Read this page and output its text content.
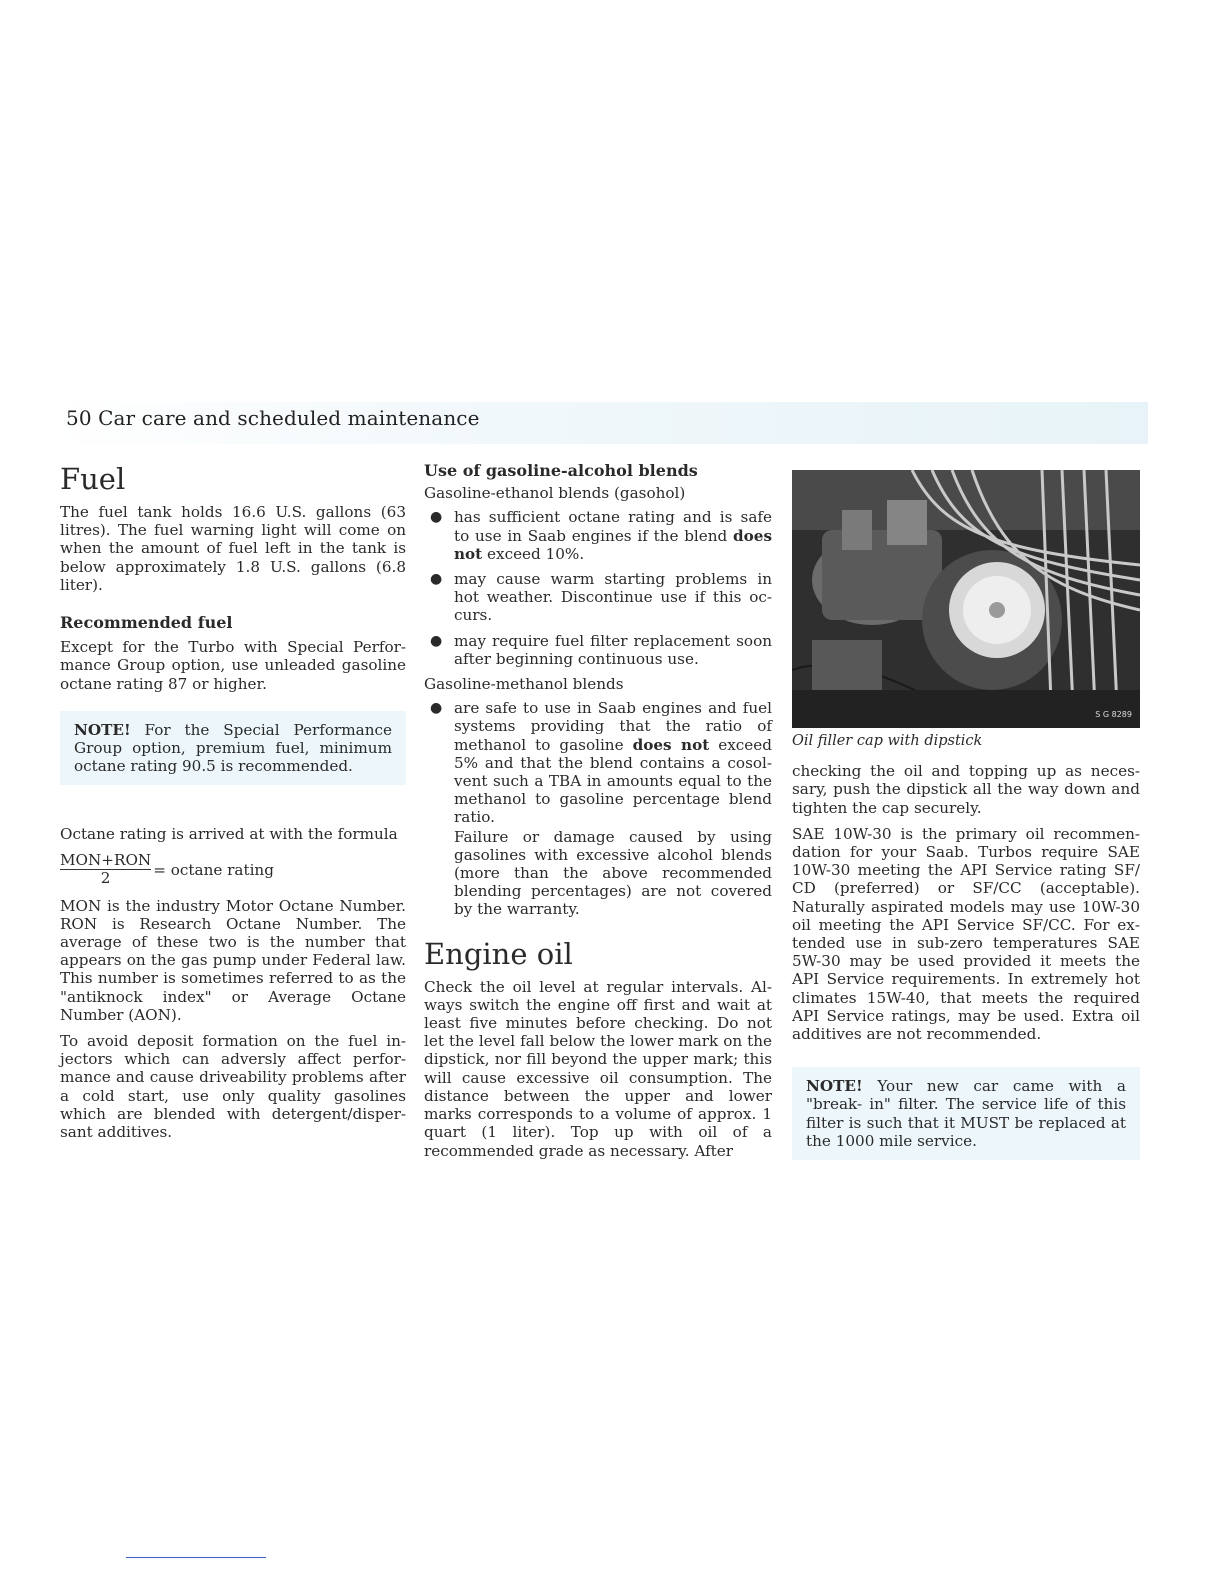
50 Car care and scheduled maintenance
Fuel

The fuel tank holds 16.6 U.S. gallons (63 litres). The fuel warning light will come on when the amount of fuel left in the tank is below approximately 1.8 U.S. gallons (6.8 liter).

Recommended fuel

Except for the Turbo with Special Performance Group option, use unleaded gasoline octane rating 87 or higher.

NOTE! For the Special Performance Group option, premium fuel, minimum octane rating 90.5 is recommended.

Octane rating is arrived at with the formula

$\frac{\text{MON+RON}}{2} = octane$ rating

MON is the industry Motor Octane Number. RON is Research Octane Number. The average of these two is the number that appears on the gas pump under Federal law. This number is sometimes referred to as the "antiknock index" or Average Octane Number (AON).

To avoid deposit formation on the fuel injectors which can adversly affect performance and cause driveability problems after a cold start, use only quality gasolines which are blended with detergent/dispersant additives.

Use of gasoline-alcohol blends

Gasoline-ethanol blends (gasohol)

● has sufficient octane rating and is safe to use in Saab engines if the blend does not exceed 10%.
● may cause warm starting problems in hot weather. Discontinue use if this occurs.
● may require fuel filter replacement soon after beginning continuous use.

Gasoline-methanol blends

● are safe to use in Saab engines and fuel systems providing that the ratio of methanol to gasoline does not exceed 5% and that the blend contains a cosolvent such a TBA in amounts equal to the methanol to gasoline percentage blend ratio.

Failure or damage caused by using gasolines with excessive alcohol blends (more than the above recommended blending percentages) are not covered by the warranty.

Engine oil

Check the oil level at regular intervals. Always switch the engine off first and wait at least five minutes before checking. Do not let the level fall below the lower mark on the dipstick, nor fill beyond the upper mark; this will cause excessive oil consumption. The distance between the upper and lower marks corresponds to a volume of approx. 1 quart (1 liter). Top up with oil of a recommended grade as necessary. After

S G 8289

Oil filler cap with dipstick

checking the oil and topping up as necessary, push the dipstick all the way down and tighten the cap securely.

SAE 10W-30 is the primary oil recommendation for your Saab. Turbos require SAE 10W-30 meeting the API Service rating SF/ CD (preferred) or SF/CC (acceptable). Naturally aspirated models may use 10W-30 oil meeting the API Service SF/CC. For extended use in sub-zero temperatures SAE 5W-30 may be used provided it meets the API Service requirements. In extremely hot climates 15W-40, that meets the required API Service ratings, may be used. Extra oil additives are not recommended.

NOTE! Your new car came with a "break- in" filter. The service life of this filter is such that it MUST be replaced at the 1000 mile service.
